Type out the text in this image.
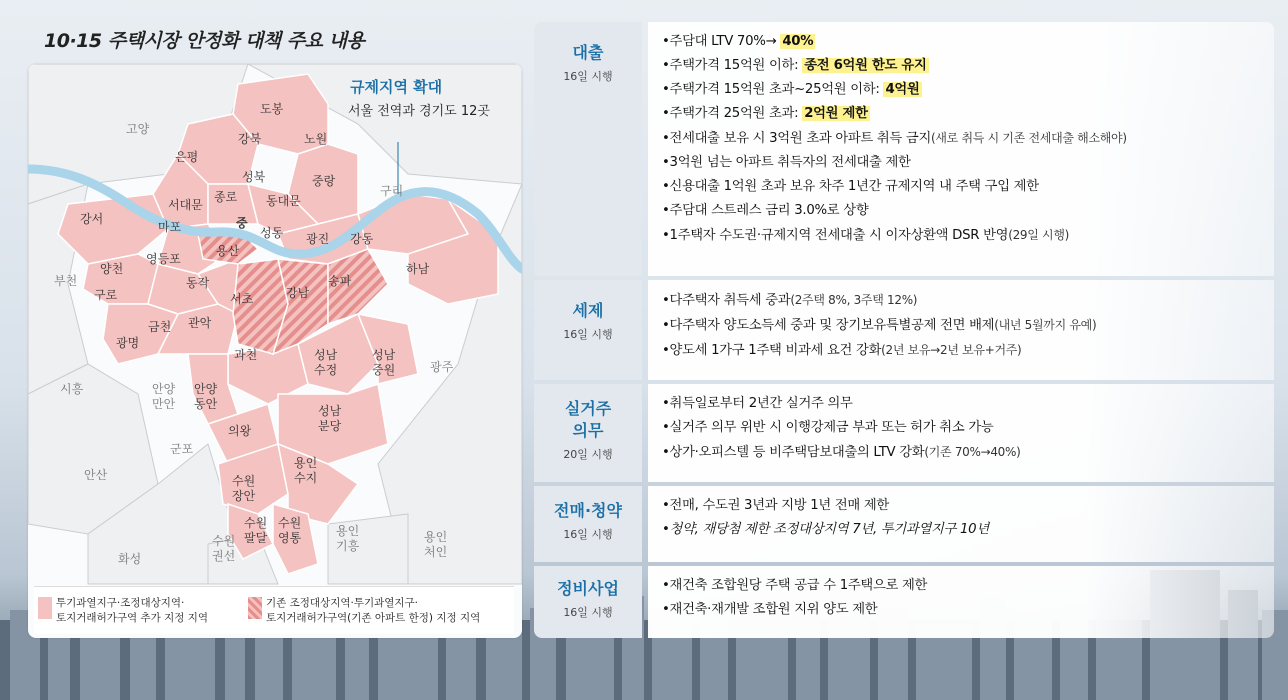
10·15 주택시장 안정화 대책 주요 내용
규제지역 확대
서울 전역과 경기도 12곳
도봉
강북	노원
은평
성북	중랑
서대문
종로 동대문
마포	중
강서
용산
성동 광진 강동
양천
영등포
동작	송파
하남
구로	서초	강남
금천 관악
광명
과천	성남
수정
성남
중원
안양
동안
의왕
성남
분당
수원
장안
용인
수지
수원
팔달
수원
영통
고양
구리
부천
광주
시흥	안양
만안
군포
안산
화성
수원
권선
용인
기흥
용인
처인
투기과열지구·조정대상지역·
토지거래허가구역 추가 지정 지역
기존 조정대상지역·투기과열지구·
토지거래허가구역(기존 아파트 한정) 지정 지역
대출
16일 시행
•주담대 LTV 70%→ 40%
•주택가격 15억원 이하: 종전 6억원 한도 유지
•주택가격 15억원 초과~25억원 이하: 4억원
•주택가격 25억원 초과: 2억원 제한
•전세대출 보유 시 3억원 초과 아파트 취득 금지(새로 취득 시 기존 전세대출 해소해야)
•3억원 넘는 아파트 취득자의 전세대출 제한
•신용대출 1억원 초과 보유 차주 1년간 규제지역 내 주택 구입 제한
•주담대 스트레스 금리 3.0%로 상향
•1주택자 수도권·규제지역 전세대출 시 이자상환액 DSR 반영(29일 시행)
세제
16일 시행
•다주택자 취득세 중과(2주택 8%, 3주택 12%)
•다주택자 양도소득세 중과 및 장기보유특별공제 전면 배제(내년 5월까지 유예)
•양도세 1가구 1주택 비과세 요건 강화(2년 보유→2년 보유+거주)
실거주
의무
20일 시행
•취득일로부터 2년간 실거주 의무
•실거주 의무 위반 시 이행강제금 부과 또는 허가 취소 가능
•상가·오피스텔 등 비주택담보대출의 LTV 강화(기존 70%→40%)
전매·청약
16일 시행
•전매, 수도권 3년과 지방 1년 전매 제한
•청약, 재당첨 제한 조정대상지역 7년, 투기과열지구 10년
정비사업
16일 시행
•재건축 조합원당 주택 공급 수 1주택으로 제한
•재건축·재개발 조합원 지위 양도 제한
